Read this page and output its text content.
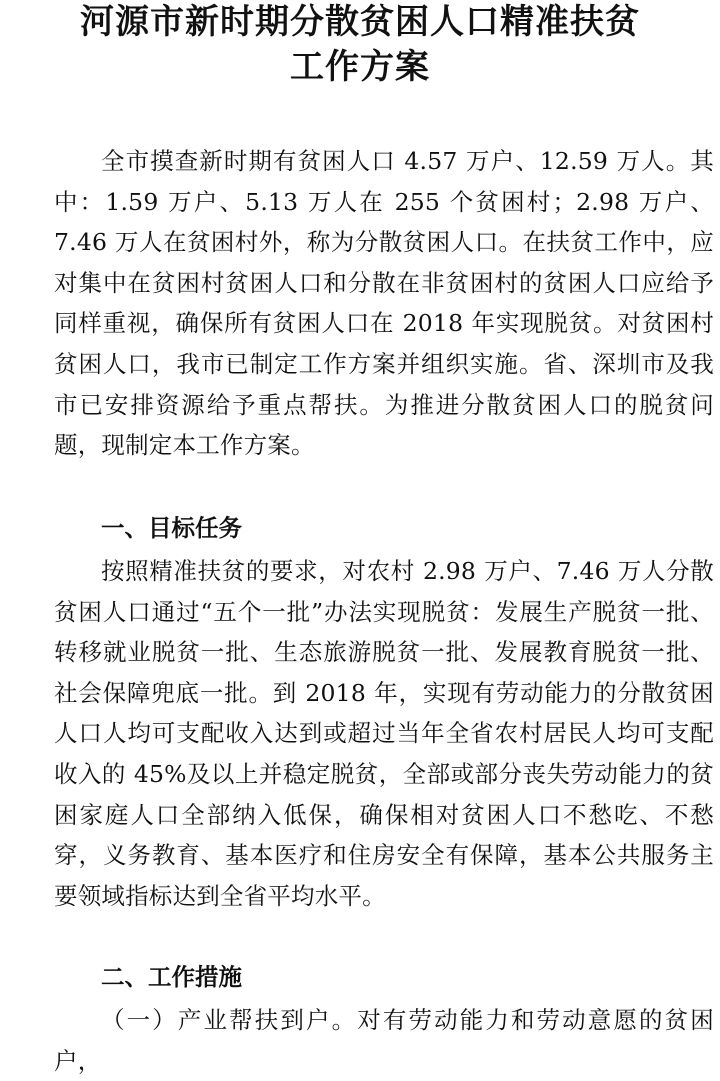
河源市新时期分散贫困人口精准扶贫
工作方案

全市摸查新时期有贫困人口 4.57 万户、12.59 万人。其中：1.59 万户、5.13 万人在 255 个贫困村；2.98 万户、7.46 万人在贫困村外，称为分散贫困人口。在扶贫工作中，应对集中在贫困村贫困人口和分散在非贫困村的贫困人口应给予同样重视，确保所有贫困人口在 2018 年实现脱贫。对贫困村贫困人口，我市已制定工作方案并组织实施。省、深圳市及我市已安排资源给予重点帮扶。为推进分散贫困人口的脱贫问题，现制定本工作方案。

一、目标任务

按照精准扶贫的要求，对农村 2.98 万户、7.46 万人分散贫困人口通过“五个一批”办法实现脱贫：发展生产脱贫一批、转移就业脱贫一批、生态旅游脱贫一批、发展教育脱贫一批、社会保障兜底一批。到 2018 年，实现有劳动能力的分散贫困人口人均可支配收入达到或超过当年全省农村居民人均可支配收入的 45%及以上并稳定脱贫，全部或部分丧失劳动能力的贫困家庭人口全部纳入低保，确保相对贫困人口不愁吃、不愁穿，义务教育、基本医疗和住房安全有保障，基本公共服务主要领域指标达到全省平均水平。

二、工作措施

（一）产业帮扶到户。对有劳动能力和劳动意愿的贫困户，
